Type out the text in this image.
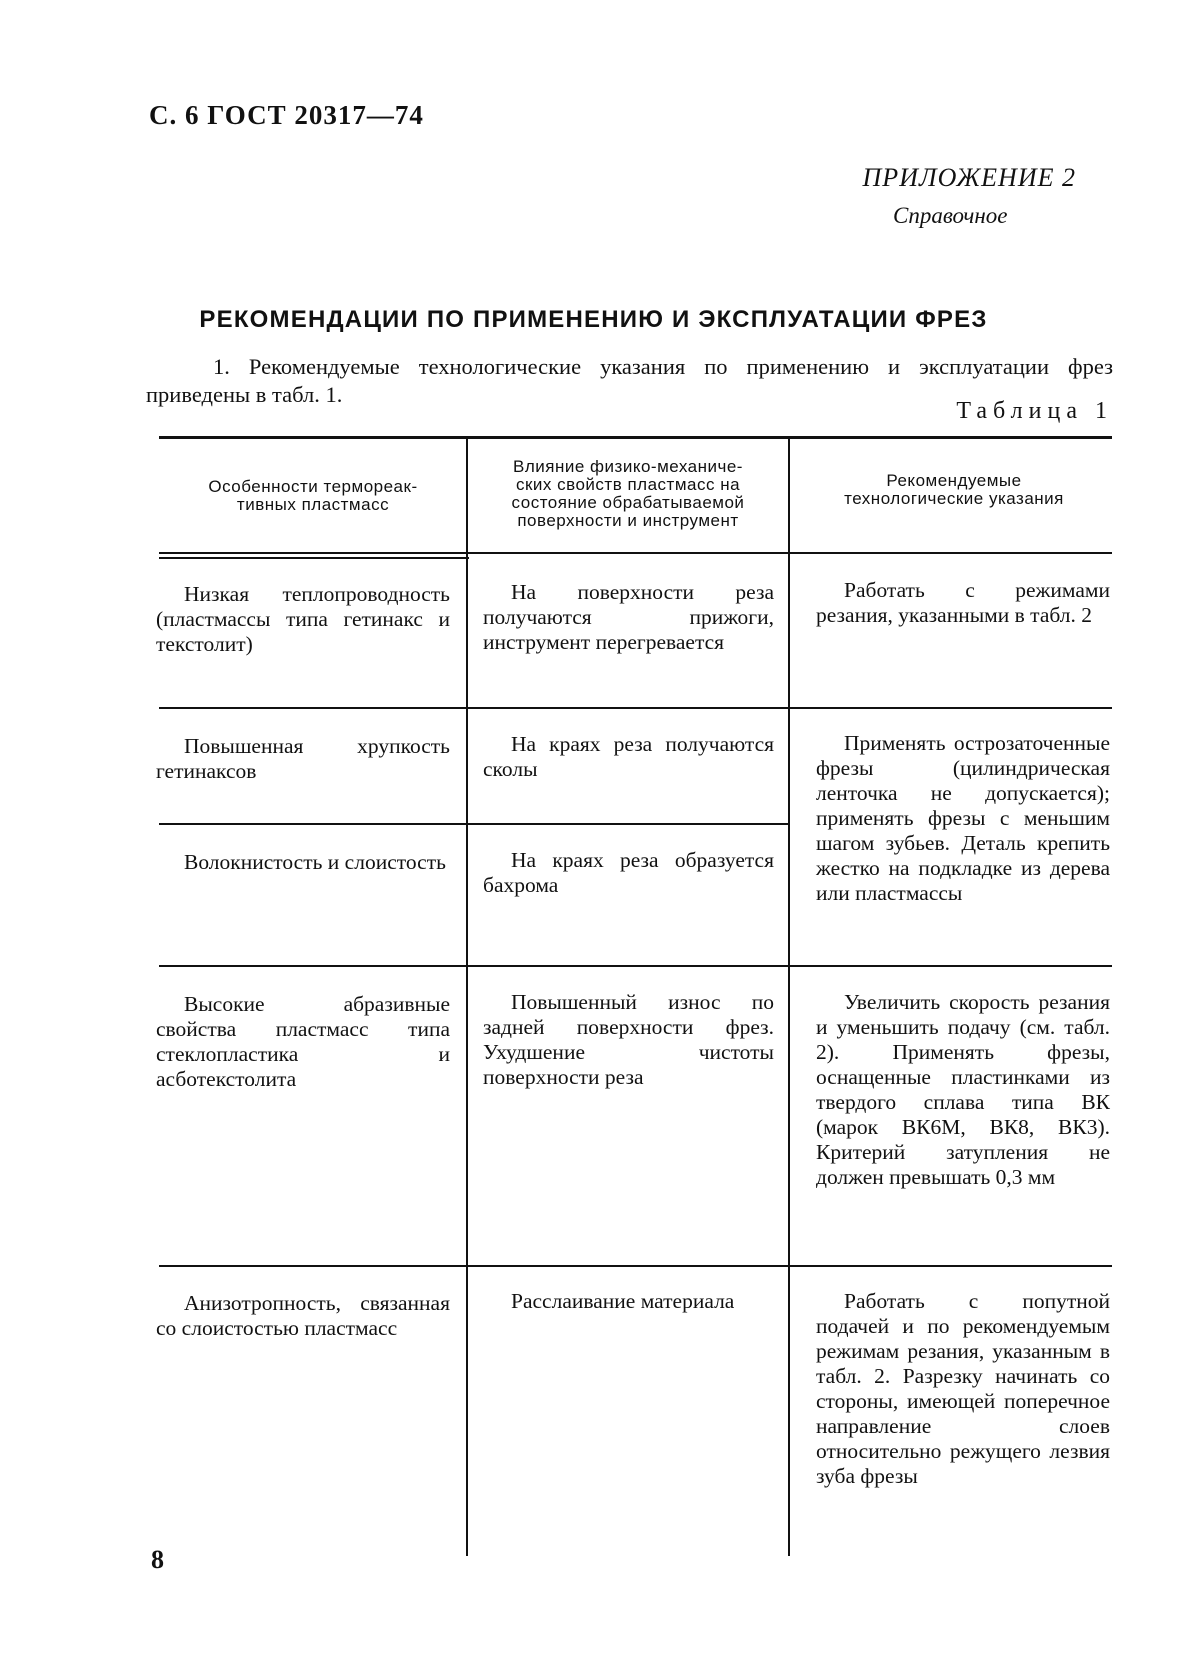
С. 6 ГОСТ 20317—74
ПРИЛОЖЕНИЕ 2
Справочное
РЕКОМЕНДАЦИИ ПО ПРИМЕНЕНИЮ И ЭКСПЛУАТАЦИИ ФРЕЗ
1. Рекомендуемые технологические указания по применению и эксплуатации фрез приведены в табл. 1.
Таблица 1
Особенности термореак-
тивных пластмасс
Влияние физико-механиче-
ских свойств пластмасс на
состояние обрабатываемой
поверхности и инструмент
Рекомендуемые
технологические указания
Низкая теплопроводность (пластмассы типа гетинакс и текстолит)
На поверхности реза получаются прижоги, инструмент перегревается
Работать с режимами резания, указанными в табл. 2
Повышенная хрупкость гетинаксов
На краях реза получаются сколы
Применять острозаточенные фрезы (цилиндрическая ленточка не допускается); применять фрезы с меньшим шагом зубьев. Деталь крепить жестко на подкладке из дерева или пластмассы
Волокнистость и слоистость	На краях реза образуется бахрома
Высокие абразивные свойства пластмасс типа стеклопластика и асботекстолита
Повышенный износ по задней поверхности фрез. Ухудшение чистоты поверхности реза
Увеличить скорость резания и уменьшить подачу (см. табл. 2). Применять фрезы, оснащенные пластинками из твердого сплава типа ВК (марок ВК6М, ВК8, ВК3). Критерий затупления не должен превышать 0,3 мм
Анизотропность, связанная со слоистостью пластмасс
Расслаивание материала	Работать с попутной подачей и по рекомендуемым режимам резания, указанным в табл. 2. Разрезку начинать со стороны, имеющей поперечное направление слоев относительно режущего лезвия зуба фрезы
8
